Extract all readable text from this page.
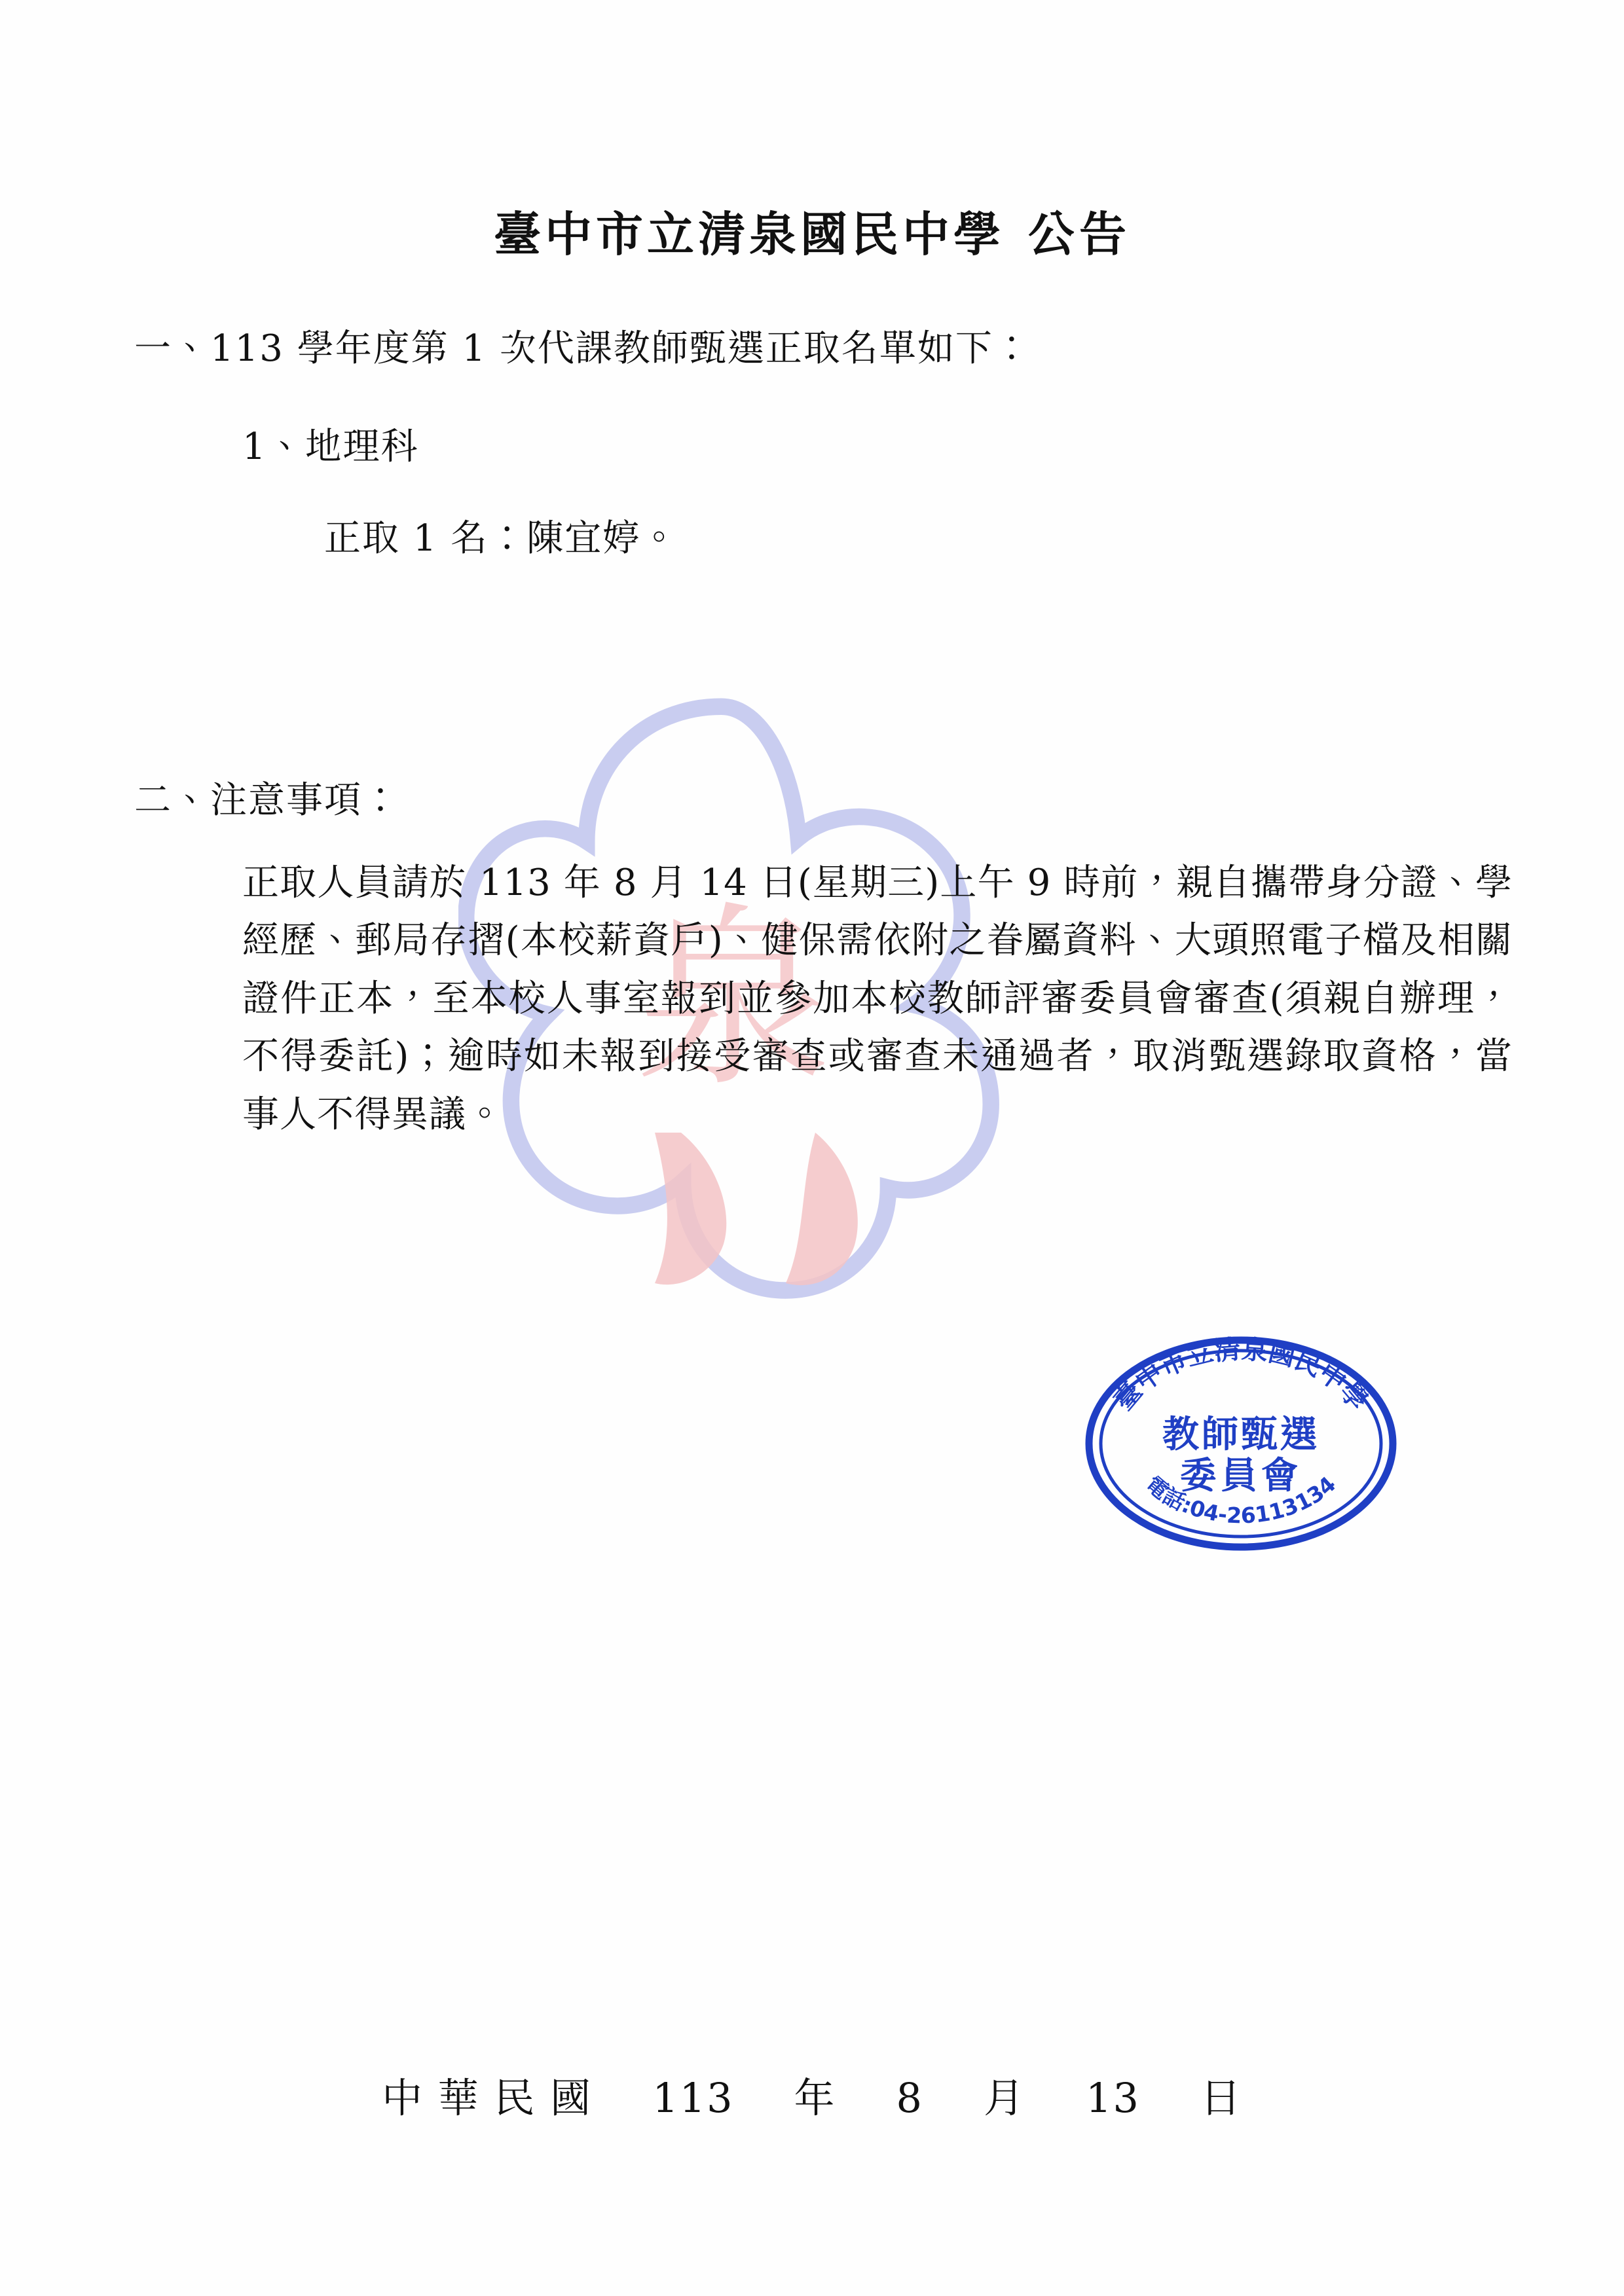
泉
臺中市立清泉國民中學 公告
一、113 學年度第 1 次代課教師甄選正取名單如下：
1、地理科
正取 1 名：陳宜婷。
二、注意事項：
正取人員請於 113 年 8 月 14 日(星期三)上午 9 時前，親自攜帶身分證、學經歷、郵局存摺(本校薪資戶)、健保需依附之眷屬資料、大頭照電子檔及相關證件正本，至本校人事室報到並參加本校教師評審委員會審查(須親自辦理，不得委託)；逾時如未報到接受審查或審查未通過者，取消甄選錄取資格，當事人不得異議。
中 華 民 國 113 年 8 月 13 日
臺中市立清泉國民中學
教師甄選
委員會
電話:04-26113134
